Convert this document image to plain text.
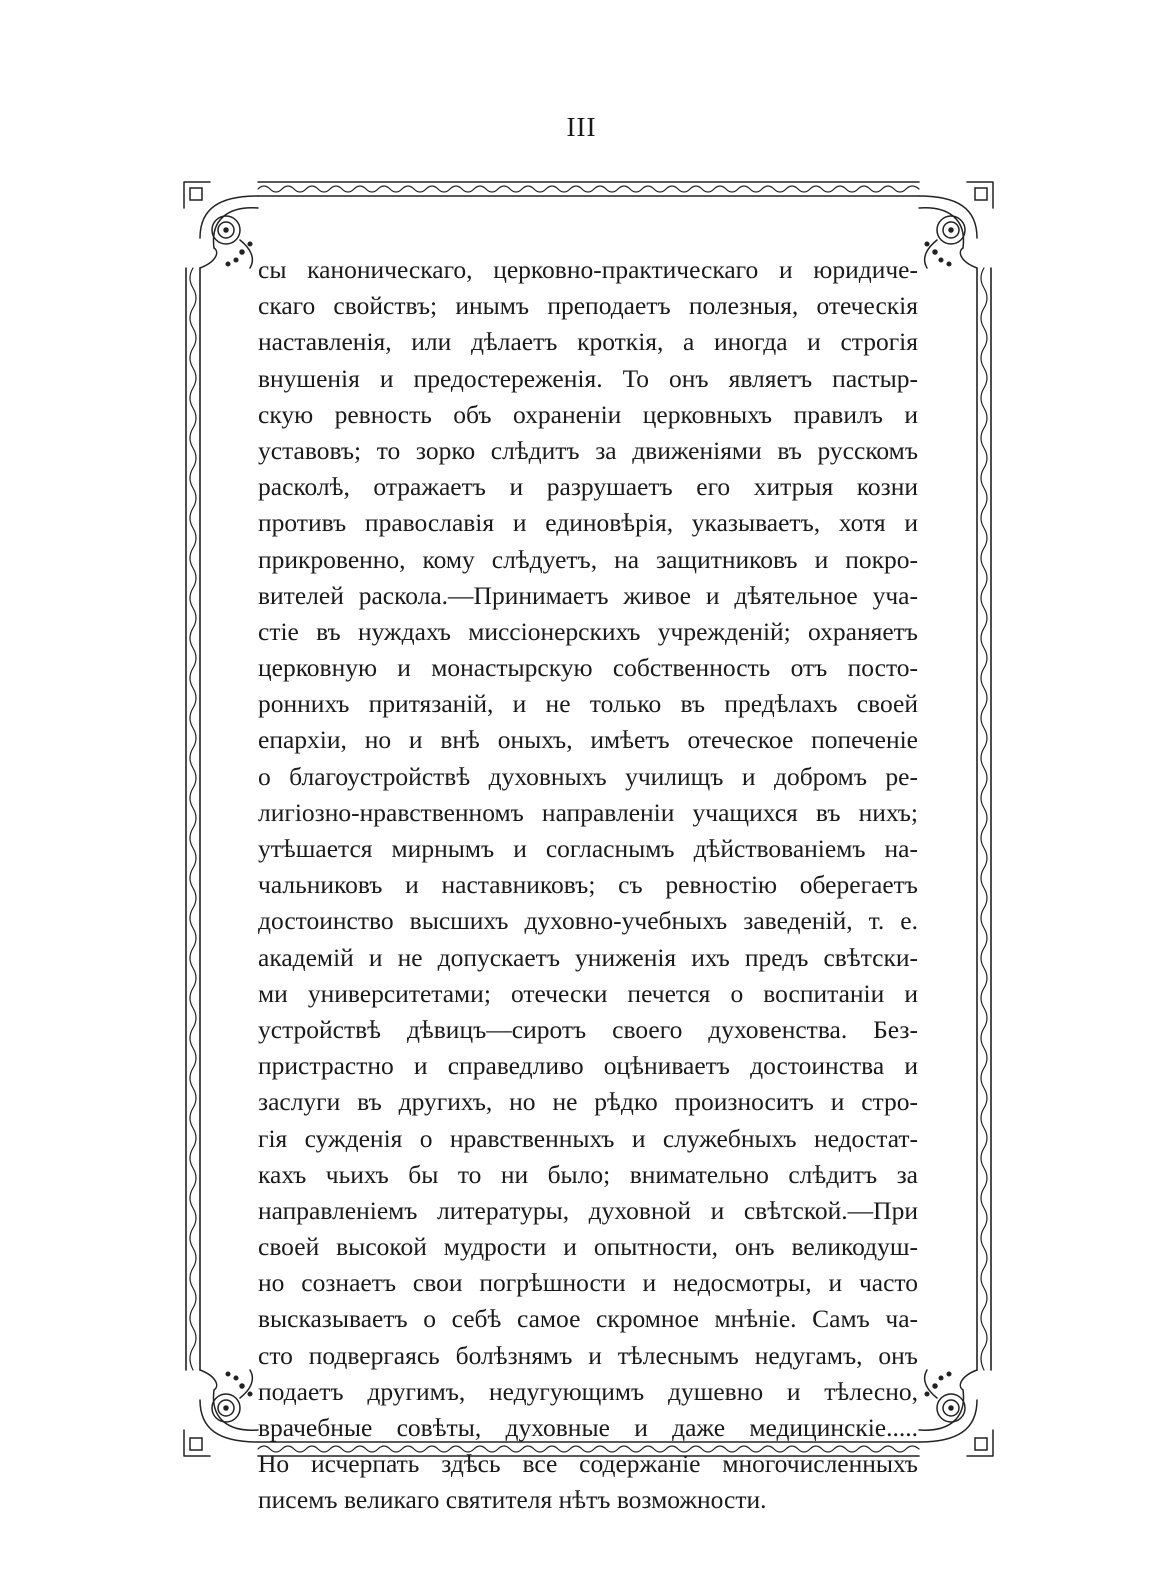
III
сы каноническаго, церковно-практическаго и юридиче-
скаго свойствъ; инымъ преподаетъ полезныя, отеческія
наставленія, или дѣлаетъ кроткія, а иногда и строгія
внушенія и предостереженія. То онъ являетъ пастыр-
скую ревность объ охраненіи церковныхъ правилъ и
уставовъ; то зорко слѣдитъ за движеніями въ русскомъ
расколѣ, отражаетъ и разрушаетъ его хитрыя козни
противъ православія и единовѣрія, указываетъ, хотя и
прикровенно, кому слѣдуетъ, на защитниковъ и покро-
вителей раскола.—Принимаетъ живое и дѣятельное уча-
стіе въ нуждахъ миссіонерскихъ учрежденій; охраняетъ
церковную и монастырскую собственность отъ посто-
роннихъ притязаній, и не только въ предѣлахъ своей
епархіи, но и внѣ оныхъ, имѣетъ отеческое попеченіе
о благоустройствѣ духовныхъ училищъ и добромъ ре-
лигіозно-нравственномъ направленіи учащихся въ нихъ;
утѣшается мирнымъ и согласнымъ дѣйствованіемъ на-
чальниковъ и наставниковъ; съ ревностію оберегаетъ
достоинство высшихъ духовно-учебныхъ заведеній, т. е.
академій и не допускаетъ униженія ихъ предъ свѣтски-
ми университетами; отечески печется о воспитаніи и
устройствѣ дѣвицъ—сиротъ своего духовенства. Без-
пристрастно и справедливо оцѣниваетъ достоинства и
заслуги въ другихъ, но не рѣдко произноситъ и стро-
гія сужденія о нравственныхъ и служебныхъ недостат-
кахъ чьихъ бы то ни было; внимательно слѣдитъ за
направленіемъ литературы, духовной и свѣтской.—При
своей высокой мудрости и опытности, онъ великодуш-
но сознаетъ свои погрѣшности и недосмотры, и часто
высказываетъ о себѣ самое скромное мнѣніе. Самъ ча-
сто подвергаясь болѣзнямъ и тѣлеснымъ недугамъ, онъ
подаетъ другимъ, недугующимъ душевно и тѣлесно,
врачебные совѣты, духовные и даже медицинскіе.....
Но исчерпать здѣсь все содержаніе многочисленныхъ
писемъ великаго святителя нѣтъ возможности.
